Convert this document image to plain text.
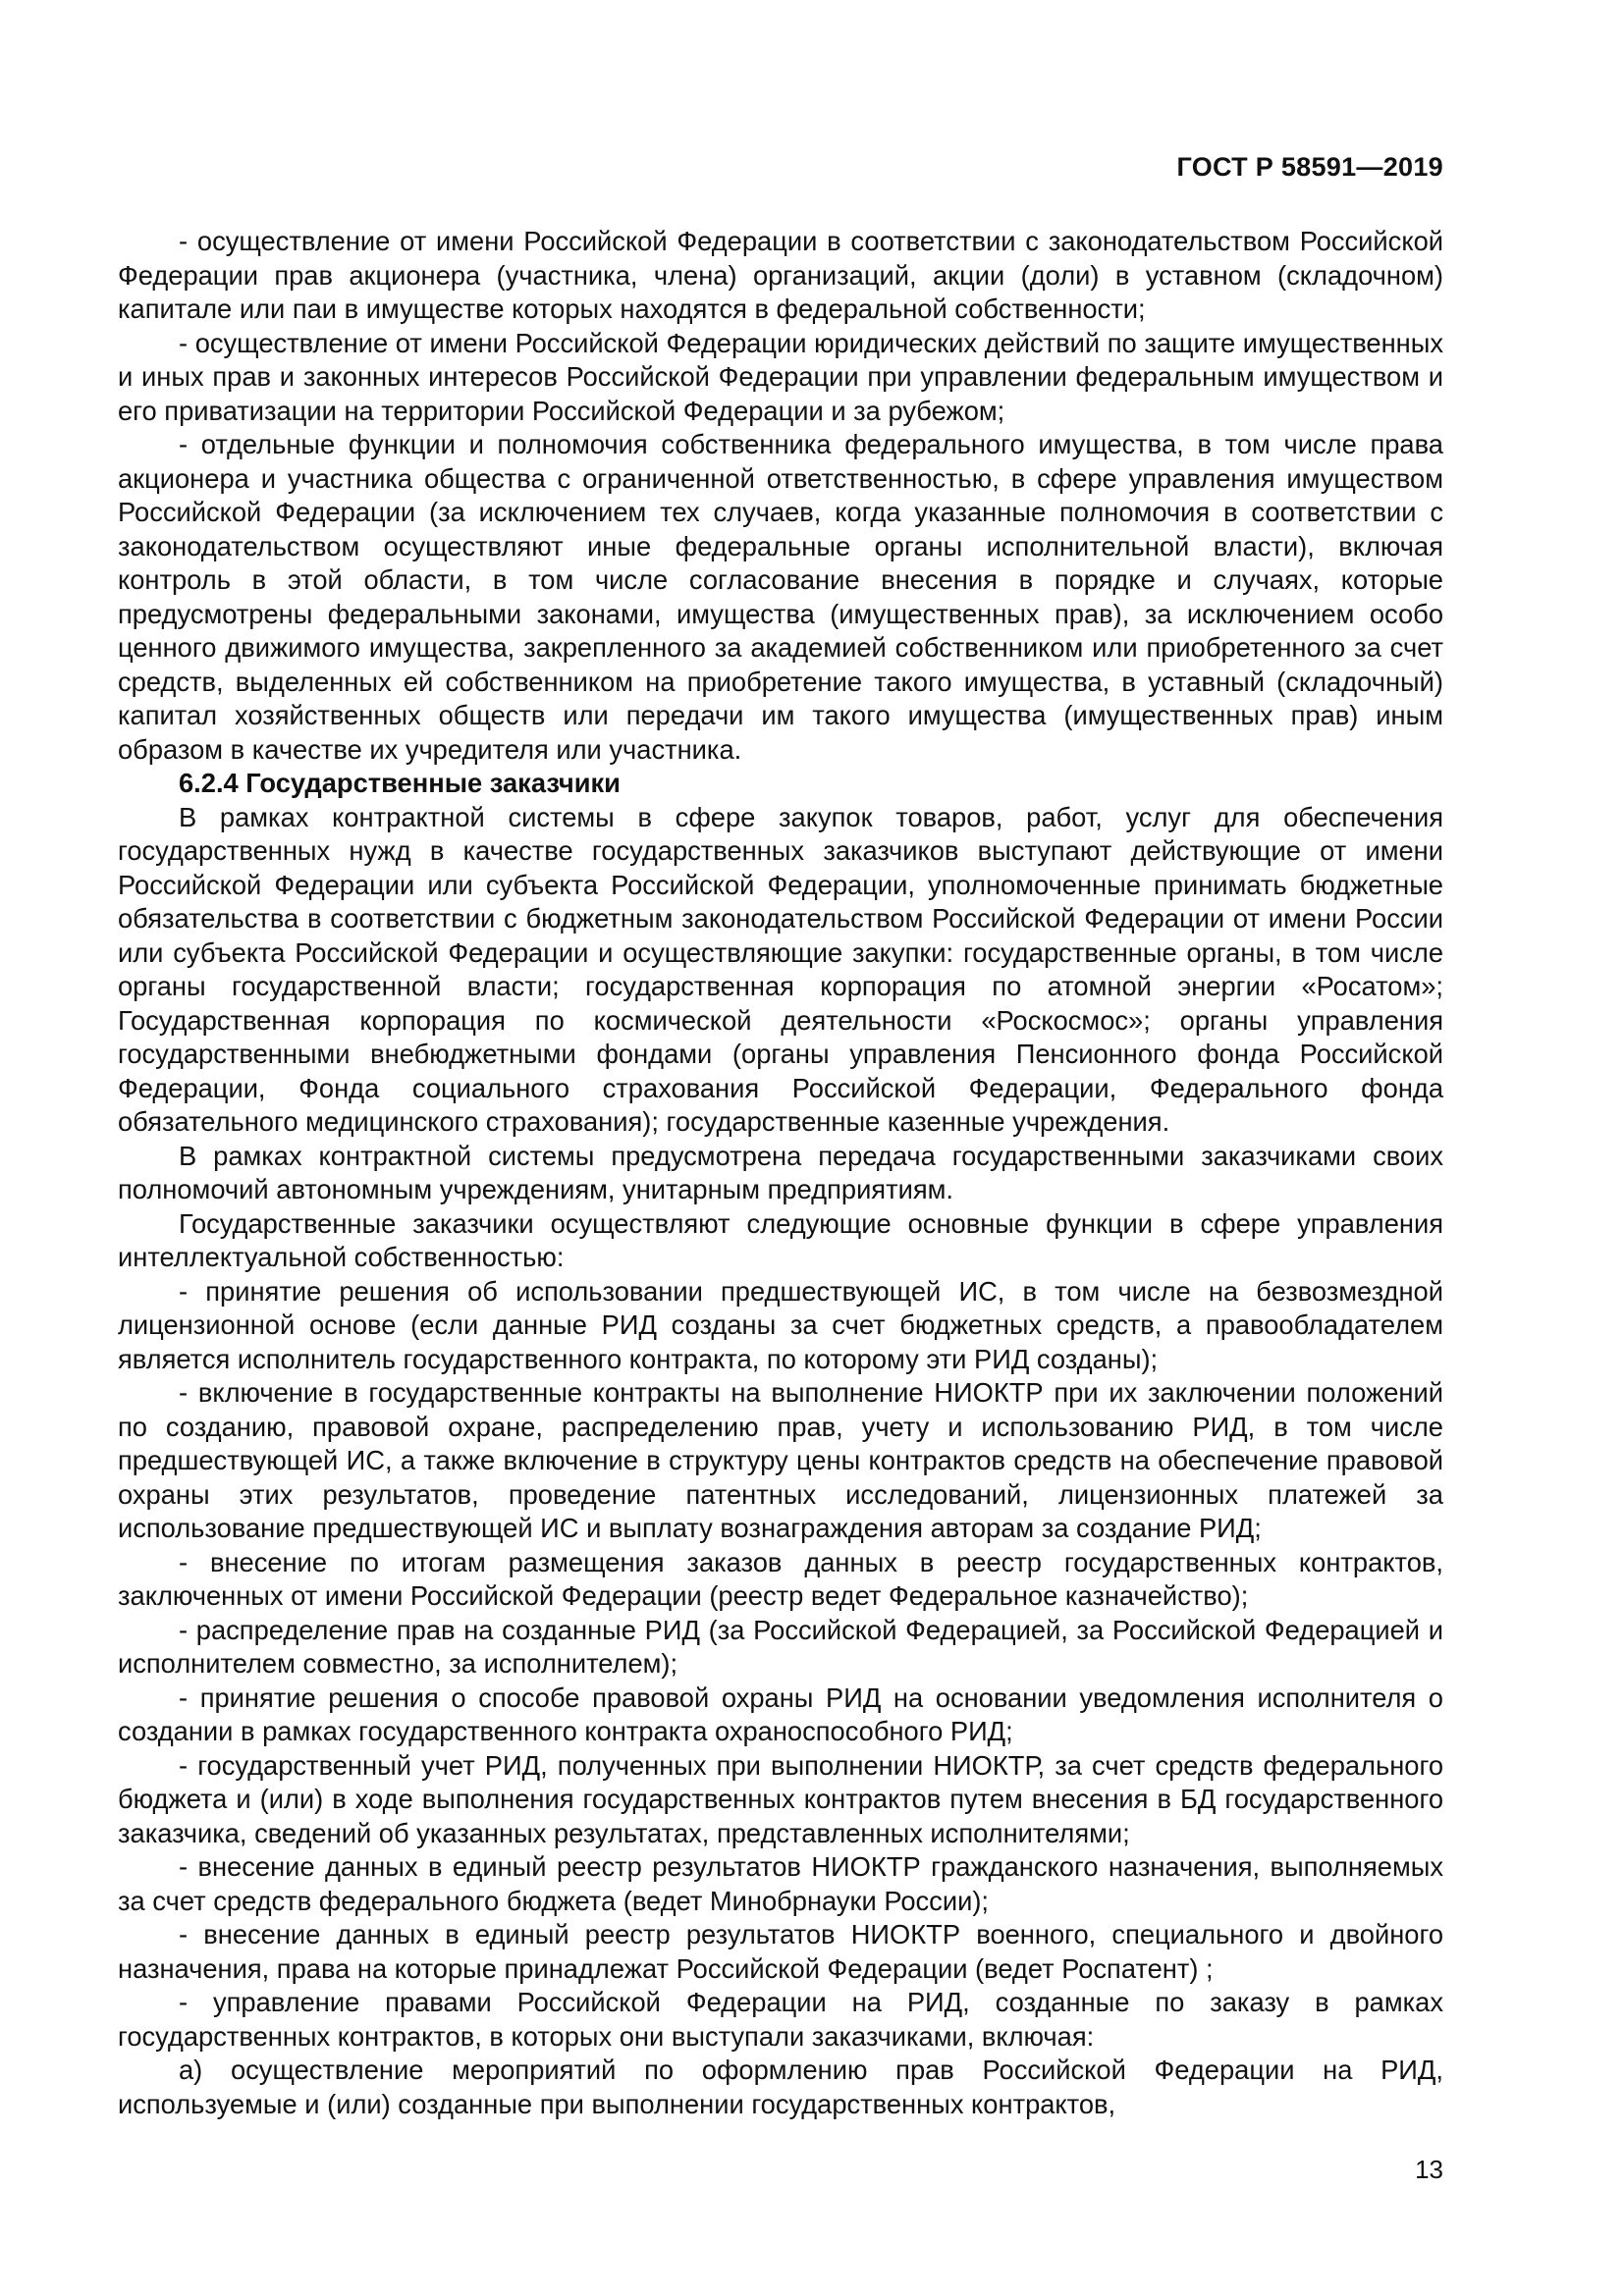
ГОСТ Р 58591—2019

- осуществление от имени Российской Федерации в соответствии с законодательством Российской Федерации прав акционера (участника, члена) организаций, акции (доли) в уставном (складочном) капитале или паи в имуществе которых находятся в федеральной собственности;

- осуществление от имени Российской Федерации юридических действий по защите имущественных и иных прав и законных интересов Российской Федерации при управлении федеральным имуществом и его приватизации на территории Российской Федерации и за рубежом;

- отдельные функции и полномочия собственника федерального имущества, в том числе права акционера и участника общества с ограниченной ответственностью, в сфере управления имуществом Российской Федерации (за исключением тех случаев, когда указанные полномочия в соответствии с законодательством осуществляют иные федеральные органы исполнительной власти), включая контроль в этой области, в том числе согласование внесения в порядке и случаях, которые предусмотрены федеральными законами, имущества (имущественных прав), за исключением особо ценного движимого имущества, закрепленного за академией собственником или приобретенного за счет средств, выделенных ей собственником на приобретение такого имущества, в уставный (складочный) капитал хозяйственных обществ или передачи им такого имущества (имущественных прав) иным образом в качестве их учредителя или участника.

6.2.4 Государственные заказчики

В рамках контрактной системы в сфере закупок товаров, работ, услуг для обеспечения государственных нужд в качестве государственных заказчиков выступают действующие от имени Российской Федерации или субъекта Российской Федерации, уполномоченные принимать бюджетные обязательства в соответствии с бюджетным законодательством Российской Федерации от имени России или субъекта Российской Федерации и осуществляющие закупки: государственные органы, в том числе органы государственной власти; государственная корпорация по атомной энергии «Росатом»; Государственная корпорация по космической деятельности «Роскосмос»; органы управления государственными внебюджетными фондами (органы управления Пенсионного фонда Российской Федерации, Фонда социального страхования Российской Федерации, Федерального фонда обязательного медицинского страхования); государственные казенные учреждения.

В рамках контрактной системы предусмотрена передача государственными заказчиками своих полномочий автономным учреждениям, унитарным предприятиям.

Государственные заказчики осуществляют следующие основные функции в сфере управления интеллектуальной собственностью:

- принятие решения об использовании предшествующей ИС, в том числе на безвозмездной лицензионной основе (если данные РИД созданы за счет бюджетных средств, а правообладателем является исполнитель государственного контракта, по которому эти РИД созданы);

- включение в государственные контракты на выполнение НИОКТР при их заключении положений по созданию, правовой охране, распределению прав, учету и использованию РИД, в том числе предшествующей ИС, а также включение в структуру цены контрактов средств на обеспечение правовой охраны этих результатов, проведение патентных исследований, лицензионных платежей за использование предшествующей ИС и выплату вознаграждения авторам за создание РИД;

- внесение по итогам размещения заказов данных в реестр государственных контрактов, заключенных от имени Российской Федерации (реестр ведет Федеральное казначейство);

- распределение прав на созданные РИД (за Российской Федерацией, за Российской Федерацией и исполнителем совместно, за исполнителем);

- принятие решения о способе правовой охраны РИД на основании уведомления исполнителя о создании в рамках государственного контракта охраноспособного РИД;

- государственный учет РИД, полученных при выполнении НИОКТР, за счет средств федерального бюджета и (или) в ходе выполнения государственных контрактов путем внесения в БД государственного заказчика, сведений об указанных результатах, представленных исполнителями;

- внесение данных в единый реестр результатов НИОКТР гражданского назначения, выполняемых за счет средств федерального бюджета (ведет Минобрнауки России);

- внесение данных в единый реестр результатов НИОКТР военного, специального и двойного назначения, права на которые принадлежат Российской Федерации (ведет Роспатент) ;

- управление правами Российской Федерации на РИД, созданные по заказу в рамках государственных контрактов, в которых они выступали заказчиками, включая:

а) осуществление мероприятий по оформлению прав Российской Федерации на РИД, используемые и (или) созданные при выполнении государственных контрактов,

13
